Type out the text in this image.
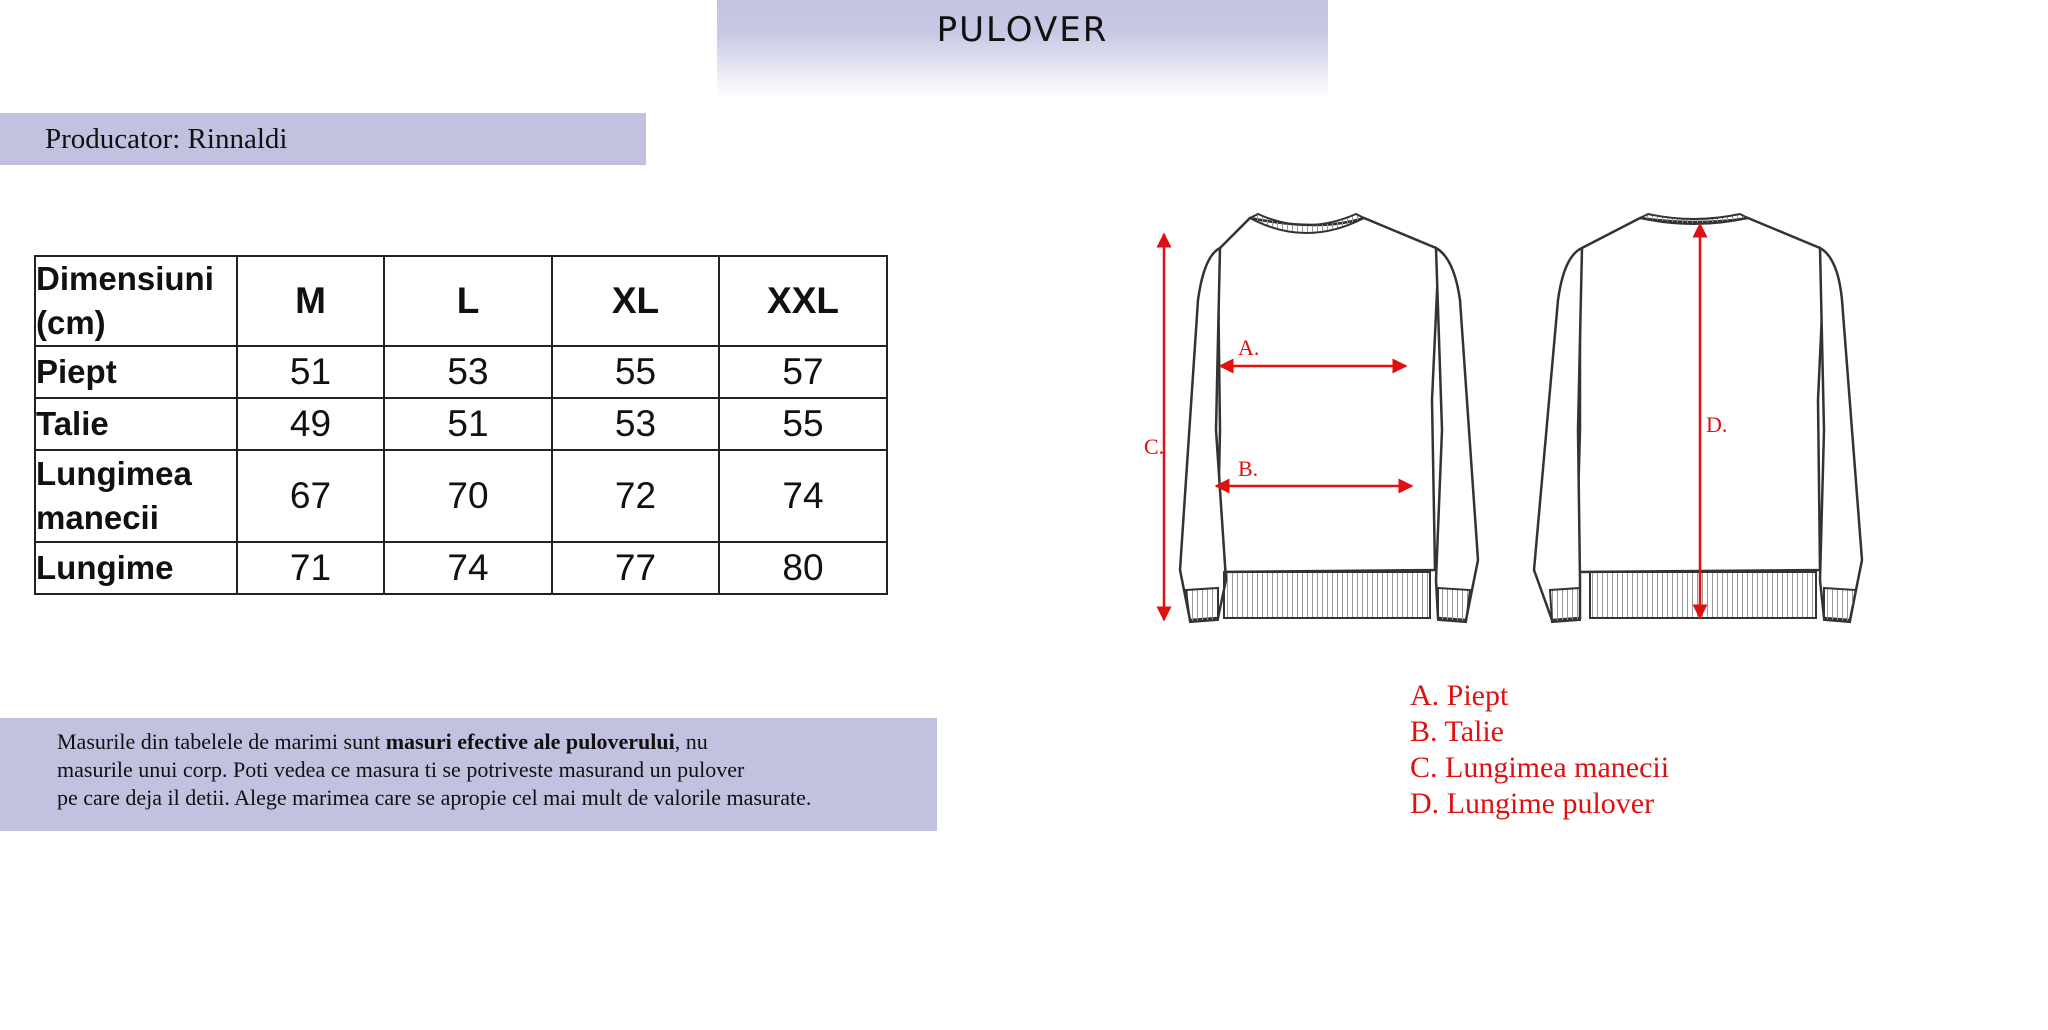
PULOVER
Producator: Rinnaldi
Dimensiuni
(cm)	M	L	XL	XXL

Piept	51	53	55	57

Talie	49	51	53	55

Lungimea
manecii	67	70	72	74

Lungime	71	74	77	80
Masurile din tabelele de marimi sunt masuri efective ale puloverului, nu
masurile unui corp. Poti vedea ce masura ti se potriveste masurand un pulover
pe care deja il detii. Alege marimea care se apropie cel mai mult de valorile masurate.
A.
B.
C.
D.
A. Piept
B. Talie
C. Lungimea manecii
D. Lungime pulover
